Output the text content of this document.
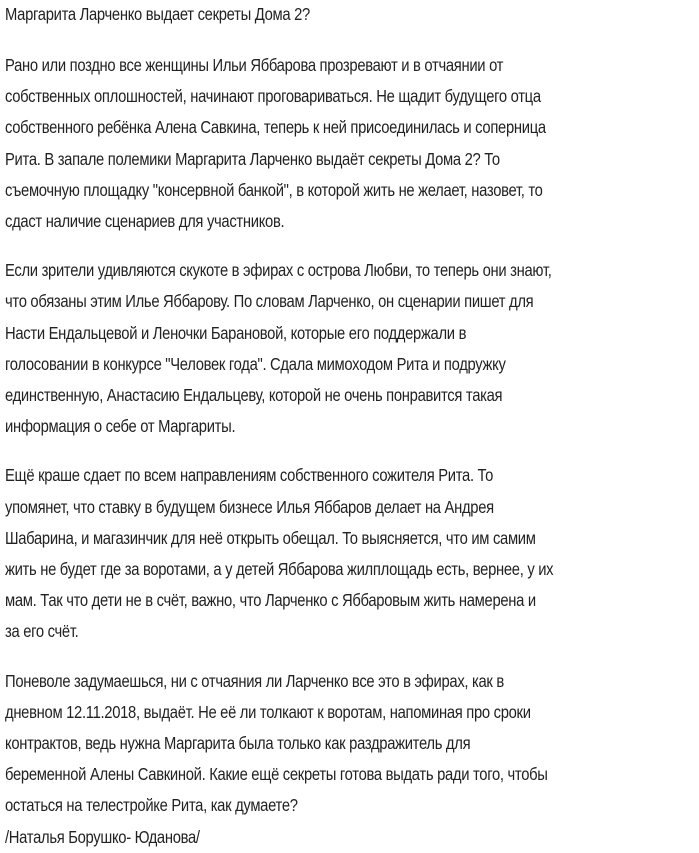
Маргарита Ларченко выдает секреты Дома 2?
Рано или поздно все женщины Ильи Яббарова прозревают и в отчаянии от
собственных оплошностей, начинают проговариваться. Не щадит будущего отца
собственного ребёнка Алена Савкина, теперь к ней присоединилась и соперница
Рита. В запале полемики Маргарита Ларченко выдаёт секреты Дома 2? То
съемочную площадку "консервной банкой", в которой жить не желает, назовет, то
сдаст наличие сценариев для участников.
Если зрители удивляются скукоте в эфирах с острова Любви, то теперь они знают,
что обязаны этим Илье Яббарову. По словам Ларченко, он сценарии пишет для
Насти Ендальцевой и Леночки Барановой, которые его поддержали в
голосовании в конкурсе "Человек года". Сдала мимоходом Рита и подружку
единственную, Анастасию Ендальцеву, которой не очень понравится такая
информация о себе от Маргариты.
Ещё краше сдает по всем направлениям собственного сожителя Рита. То
упомянет, что ставку в будущем бизнесе Илья Яббаров делает на Андрея
Шабарина, и магазинчик для неё открыть обещал. То выясняется, что им самим
жить не будет где за воротами, а у детей Яббарова жилплощадь есть, вернее, у их
мам. Так что дети не в счёт, важно, что Ларченко с Яббаровым жить намерена и
за его счёт.
Поневоле задумаешься, ни с отчаяния ли Ларченко все это в эфирах, как в
дневном 12.11.2018, выдаёт. Не её ли толкают к воротам, напоминая про сроки
контрактов, ведь нужна Маргарита была только как раздражитель для
беременной Алены Савкиной. Какие ещё секреты готова выдать ради того, чтобы
остаться на телестройке Рита, как думаете?
/Наталья Борушко- Юданова/
